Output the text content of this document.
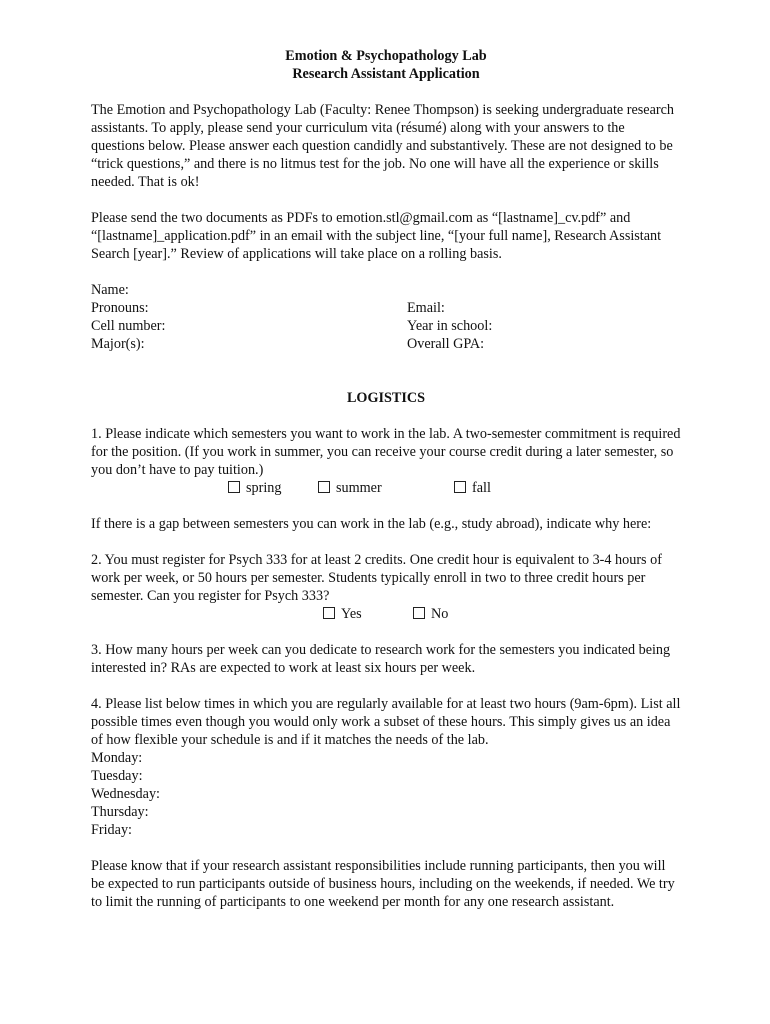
Emotion & Psychopathology Lab

Research Assistant Application

The Emotion and Psychopathology Lab (Faculty: Renee Thompson) is seeking undergraduate research assistants. To apply, please send your curriculum vita (résumé) along with your answers to the questions below. Please answer each question candidly and substantively. These are not designed to be “trick questions,” and there is no litmus test for the job. No one will have all the experience or skills needed. That is ok!

Please send the two documents as PDFs to emotion.stl@gmail.com as “[lastname]_cv.pdf” and “[lastname]_application.pdf” in an email with the subject line, “[your full name], Research Assistant Search [year].” Review of applications will take place on a rolling basis.

Name:
Pronouns:	Email:
Cell number:	Year in school:
Major(s):	Overall GPA:

LOGISTICS

1. Please indicate which semesters you want to work in the lab. A two-semester commitment is required for the position. (If you work in summer, you can receive your course credit during a later semester, so you don’t have to pay tuition.)

spring	summer	fall

If there is a gap between semesters you can work in the lab (e.g., study abroad), indicate why here:

2. You must register for Psych 333 for at least 2 credits. One credit hour is equivalent to 3-4 hours of work per week, or 50 hours per semester. Students typically enroll in two to three credit hours per semester. Can you register for Psych 333?

Yes	No

3. How many hours per week can you dedicate to research work for the semesters you indicated being interested in? RAs are expected to work at least six hours per week.

4. Please list below times in which you are regularly available for at least two hours (9am-6pm). List all possible times even though you would only work a subset of these hours. This simply gives us an idea of how flexible your schedule is and if it matches the needs of the lab.

Monday:

Tuesday:

Wednesday:

Thursday:

Friday:

Please know that if your research assistant responsibilities include running participants, then you will be expected to run participants outside of business hours, including on the weekends, if needed. We try to limit the running of participants to one weekend per month for any one research assistant.
